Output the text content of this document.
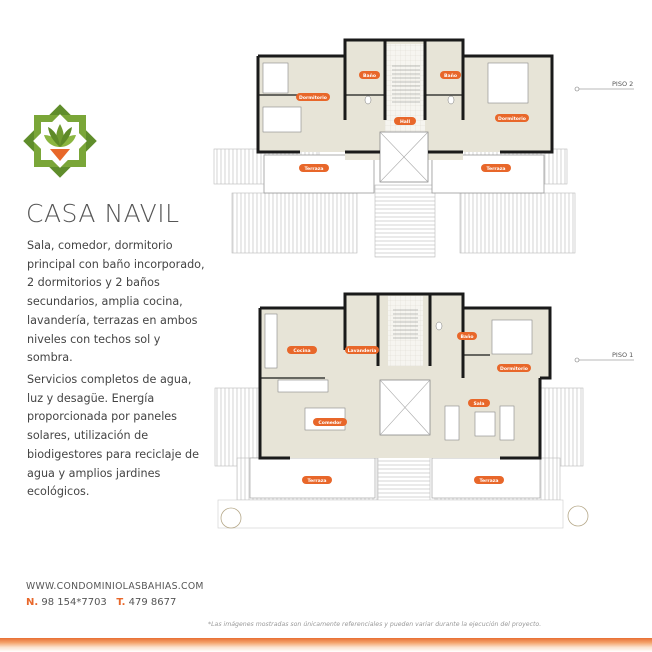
CASA NAVIL

Sala, comedor, dormitorio principal con baño incorporado, 2 dormitorios y 2 baños secundarios, amplia cocina, lavandería, terrazas en ambos niveles con techos sol y sombra.

Servicios completos de agua, luz y desagüe. Energía proporcionada por paneles solares, utilización de biodigestores para reciclaje de agua y amplios jardines ecológicos.

WWW.CONDOMINIOLASBAHIAS.COM
N. 98 154*7703 T. 479 8677
*Las imágenes mostradas son únicamente referenciales y pueden variar durante la ejecución del proyecto.
Baño	Baño
Dormitorio
Dormitorio
Hall
Terraza	Terraza
PISO 2
Cocina	Lavandería
Baño
Dormitorio
Sala
Comedor
Terraza	Terraza
PISO 1
